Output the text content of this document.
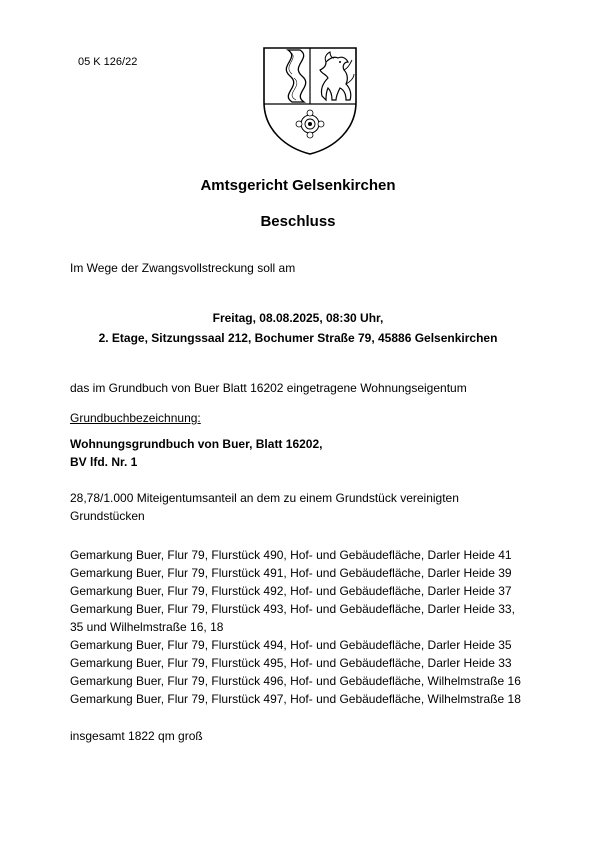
05 K 126/22
Amtsgericht Gelsenkirchen
Beschluss
Im Wege der Zwangsvollstreckung soll am
Freitag, 08.08.2025, 08:30 Uhr,
2. Etage, Sitzungssaal 212, Bochumer Straße 79, 45886 Gelsenkirchen
das im Grundbuch von Buer Blatt 16202 eingetragene Wohnungseigentum
Grundbuchbezeichnung:
Wohnungsgrundbuch von Buer, Blatt 16202,
BV lfd. Nr. 1
28,78/1.000 Miteigentumsanteil an dem zu einem Grundstück vereinigten
Grundstücken
Gemarkung Buer, Flur 79, Flurstück 490, Hof- und Gebäudefläche, Darler Heide 41
Gemarkung Buer, Flur 79, Flurstück 491, Hof- und Gebäudefläche, Darler Heide 39
Gemarkung Buer, Flur 79, Flurstück 492, Hof- und Gebäudefläche, Darler Heide 37
Gemarkung Buer, Flur 79, Flurstück 493, Hof- und Gebäudefläche, Darler Heide 33,
35 und Wilhelmstraße 16, 18
Gemarkung Buer, Flur 79, Flurstück 494, Hof- und Gebäudefläche, Darler Heide 35
Gemarkung Buer, Flur 79, Flurstück 495, Hof- und Gebäudefläche, Darler Heide 33
Gemarkung Buer, Flur 79, Flurstück 496, Hof- und Gebäudefläche, Wilhelmstraße 16
Gemarkung Buer, Flur 79, Flurstück 497, Hof- und Gebäudefläche, Wilhelmstraße 18
insgesamt 1822 qm groß
